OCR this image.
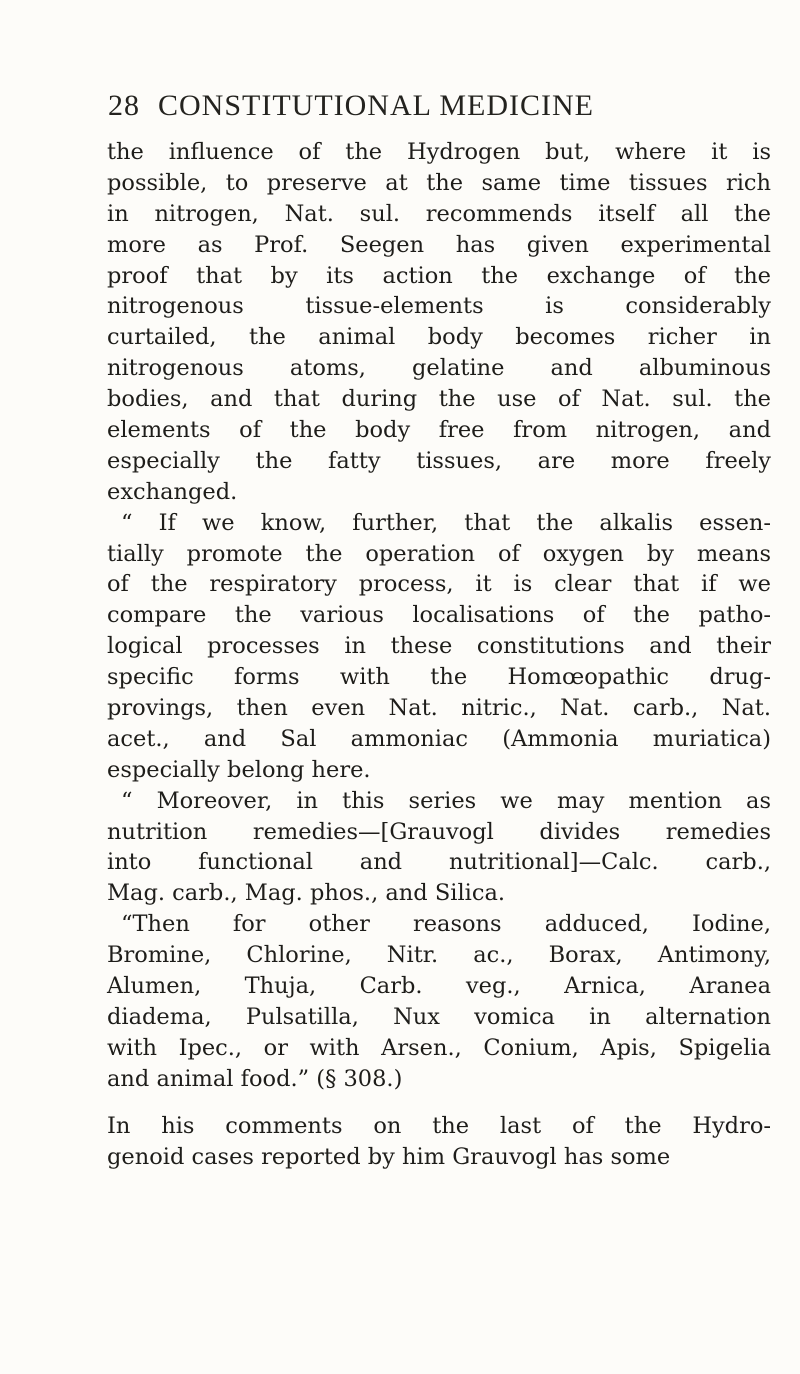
28 CONSTITUTIONAL MEDICINE
the influence of the Hydrogen but, where it is
possible, to preserve at the same time tissues rich
in nitrogen, Nat. sul. recommends itself all the
more as Prof. Seegen has given experimental
proof that by its action the exchange of the
nitrogenous tissue-elements is considerably
curtailed, the animal body becomes richer in
nitrogenous atoms, gelatine and albuminous
bodies, and that during the use of Nat. sul. the
elements of the body free from nitrogen, and
especially the fatty tissues, are more freely
exchanged.
“ If we know, further, that the alkalis essen-
tially promote the operation of oxygen by means
of the respiratory process, it is clear that if we
compare the various localisations of the patho-
logical processes in these constitutions and their
specific forms with the Homœopathic drug-
provings, then even Nat. nitric., Nat. carb., Nat.
acet., and Sal ammoniac (Ammonia muriatica)
especially belong here.
“ Moreover, in this series we may mention as
nutrition remedies—[Grauvogl divides remedies
into functional and nutritional]—Calc. carb.,
Mag. carb., Mag. phos., and Silica.
“Then for other reasons adduced, Iodine,
Bromine, Chlorine, Nitr. ac., Borax, Antimony,
Alumen, Thuja, Carb. veg., Arnica, Aranea
diadema, Pulsatilla, Nux vomica in alternation
with Ipec., or with Arsen., Conium, Apis, Spigelia
and animal food.” (§ 308.)
In his comments on the last of the Hydro-
genoid cases reported by him Grauvogl has some
